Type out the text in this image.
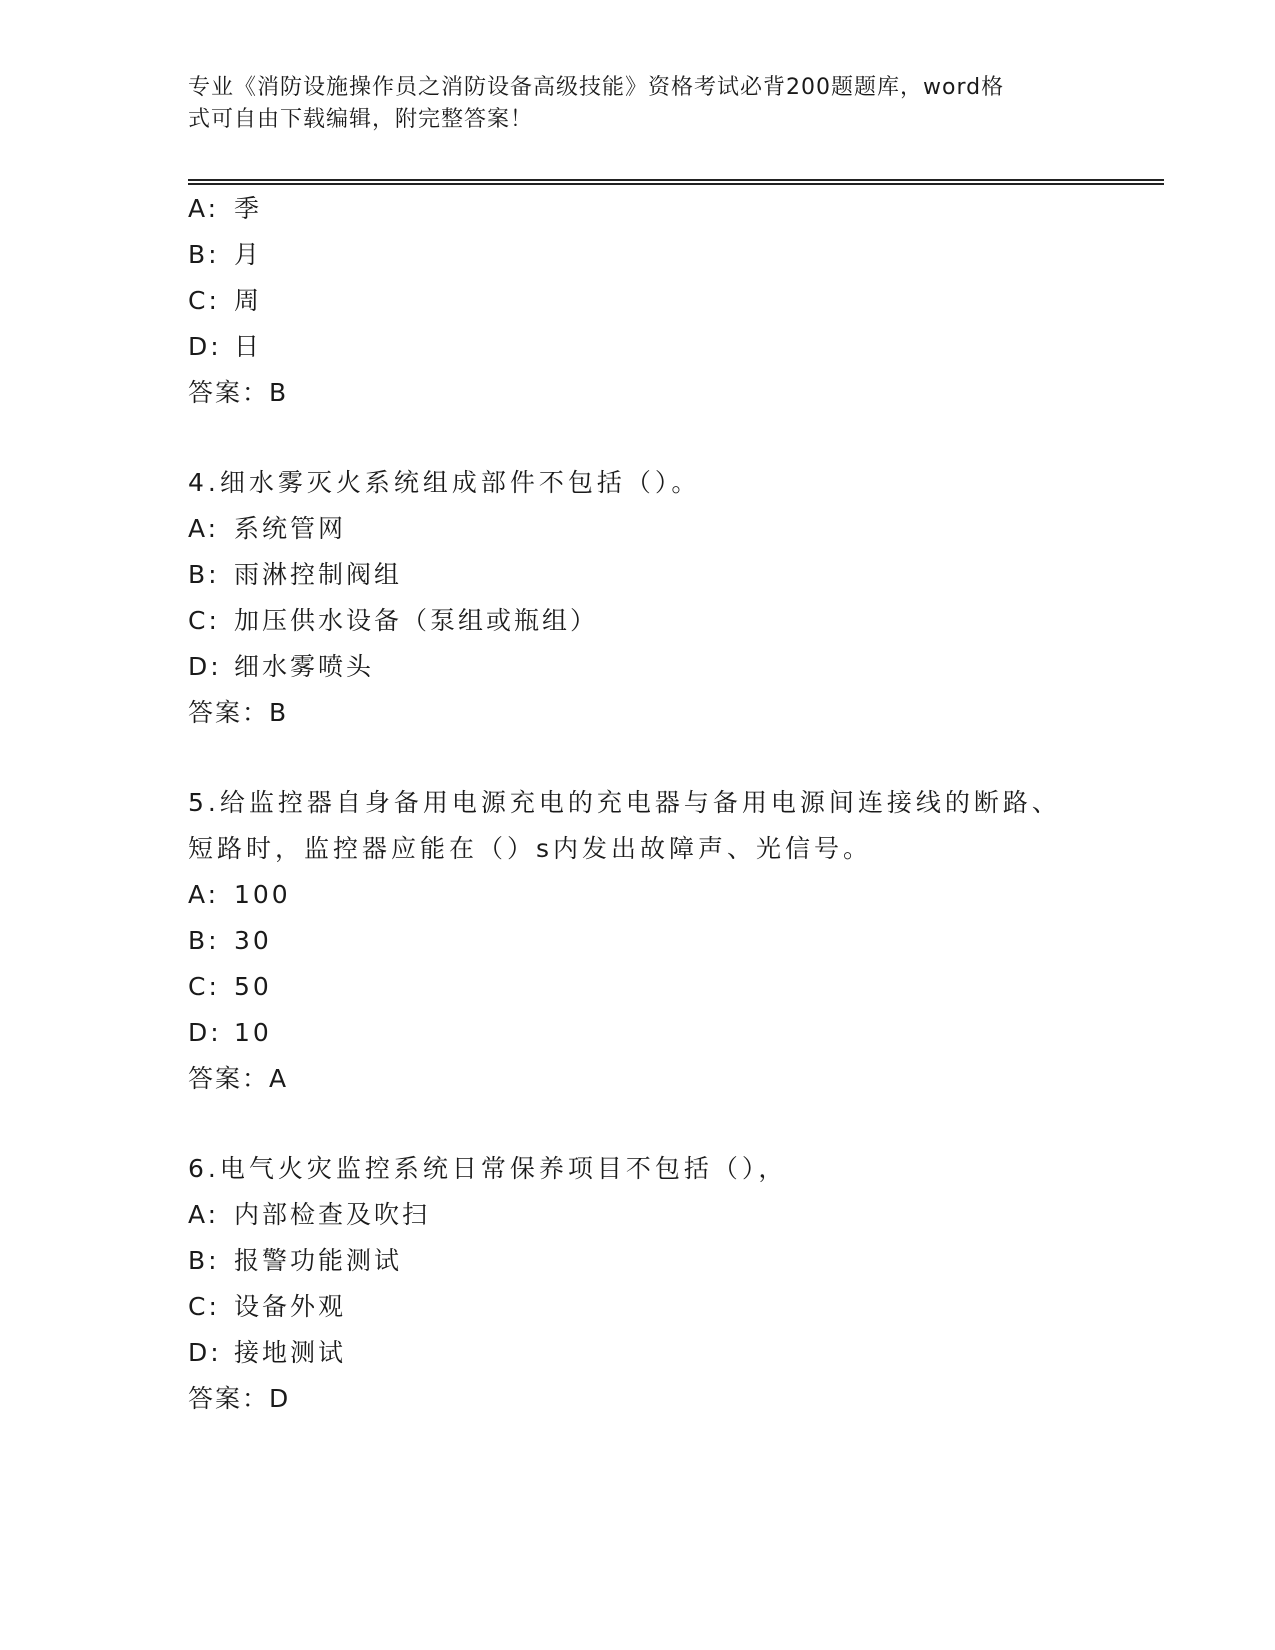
专业《消防设施操作员之消防设备高级技能》资格考试必背200题题库，word格
式可自由下载编辑，附完整答案！
A: 季
B: 月
C: 周
D: 日
答案：B
4.细水雾灭火系统组成部件不包括（）。
A: 系统管网
B: 雨淋控制阀组
C: 加压供水设备（泵组或瓶组）
D: 细水雾喷头
答案：B
5.给监控器自身备用电源充电的充电器与备用电源间连接线的断路、
短路时，监控器应能在（）s内发出故障声、光信号。
A: 100
B: 30
C: 50
D: 10
答案：A
6.电气火灾监控系统日常保养项目不包括（），
A: 内部检查及吹扫
B: 报警功能测试
C: 设备外观
D: 接地测试
答案：D
